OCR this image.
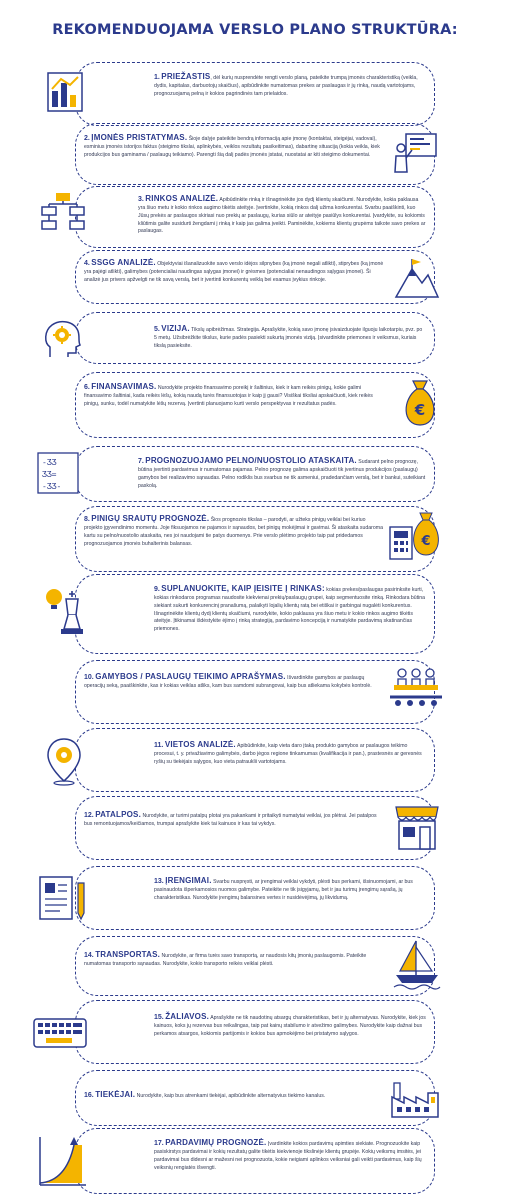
REKOMENDUOJAMA VERSLO PLANO STRUKTŪRA:
1. PRIEŽASTIS, dėl kurių nusprendėte rengti verslo planą, pateikite trumpą įmonės charakteristiką (veikla, dydis, kapitalas, darbuotojų skaičius), apibūdinkite numatomas prekes ar paslaugas ir jų rinką, naudą vartotojams, prognozuojamą pelną ir kokios pagrindinės tam prielaidos.
2. ĮMONĖS PRISTATYMAS. Šioje dalyje pateikite bendrą informaciją apie įmonę (kontaktai, steigėjai, vadovai), esminius įmonės istorijos faktus (steigimo tikslai, aplinkybės, veiklos rezultatų pasikeitimas), dabartinę situaciją (kokia veikla, kiek produkcijos bus gaminama / paslaugų teikiamo). Parengti šią dalį padės įmonės įstatai, nuostatai ar kiti steigimo dokumentai.
3. RINKOS ANALIZĖ. Apibūdinkite rinką ir išnagrinėkite jos dydį klientų skaičiumi. Nurodykite, kokia paklausa yra šiuo metu ir kokio rinkos augimo tikėtis ateityje. Įvertinkite, kokią rinkos dalį užima konkurentai. Svarbu paaiškinti, kuo Jūsų prekės ar paslaugos skiriasi nuo prekių ar paslaugų, kurias siūlo ar ateityje pasiūlys konkurentai. Įvardykite, su kokiomis kliūtimis galite susidurti žengdami į rinką ir kaip jas galima įveikti. Paminėkite, kokiems klientų grupėms taikote savo prekes ar paslaugas.
4. SSGG ANALIZĖ. Objektyviai išanalizuokite savo verslo idėjos silpnybes (ką įmonė negali atlikti), stiprybes (ką įmonė yra pajėgi atlikti), galimybes (potencialiai naudingas sąlygas įmonei) ir grėsmes (potencialiai nenaudingos sąlygas įmonei). Ši analizė jus privers apžvelgti ne tik savą verslą, bet ir įvertinti konkurentų veiklą bei esamus įvykius rinkoje.
5. VIZIJA. Tikslų apibrėžimas. Strategija. Aprašykite, kokią savo įmonę įsivaizduojate ilguoju laikotarpiu, pvz. po 5 metų. Užsibrėžkite tikslus, kurie padės pasiekti sukurtą įmonės viziją. Įsivardinkite priemones ir veiksmus, kuriais tikslą pasieksite.
€
6. FINANSAVIMAS. Nurodykite projekto finansavimo poreikį ir šaltinius, kiek ir kam reikės pinigų, kokie galimi finansavimo šaltiniai, kada reikės lėšų, kokią naudą turės finansuotojas ir kaip jį gausi? Visiškai tiksliai apskaičiuoti, kiek reikės pinigų, sunku, todėl numatykite lėšų rezervą. Įvertinti planuojamo kurti verslo perspektyvas ir rezultatus padės.
-ƷƷ
ƷƷ=
-ƷƷ-
7. PROGNOZUOJAMO PELNO/NUOSTOLIO ATASKAITA. Sudarant pelno prognozę, būtina įvertinti pardavimus ir numatomas pajamas. Pelno prognozę galima apskaičiuoti tik įvertinus produkcijos (paslaugų) gamybos bei realizavimo sąnaudas. Pelno rodiklis bus svarbus ne tik asmeniui, pradedančiam verslą, bet ir bankui, suteikiant paskolą.
€
8. PINIGŲ SRAUTŲ PROGNOZĖ. Šios prognozės tikslas – parodyti, ar užteks pinigų veiklai bei kuriuo projekto įgyvendinimo momentu. Joje fiksuojamos ne pajamos ir sąnaudos, bet pinigų mokėjimai ir gavimai. Ši ataskaita sudaroma kartu su pelno/nuostolio ataskaita, nes joi naudojami tie patys duomenys. Prie verslo plėtimo projekto taip pat pridedamos prognozuojamos įmonės buhalterinis balansas.
9. SUPLANUOKITE, KAIP ĮEISITE Į RINKAS: kokias prekes/paslaugas pasirinksite kurti, kokias rinkodaros programas naudosite kiekvienai prekių/paslaugų grupei, kaip segmentuosite rinką. Rinkodara būtina siekiant sukurti konkurencinį pranašumą, palaikyti lojalių klientų ratą bei etiškai ir garbingai nugalėti konkurentus. Išnagrinėkite klientų dydį klientų skaičiumi, nurodykite, kokio paklausa yra šiuo metu ir kokio rinkos augimo tikėtis ateityje. Įtikinamai išdėstykite ėjimo į rinką strategiją, pardavimo koncepciją ir numatykite pardavimą skatinančias priemones.
10. GAMYBOS / PASLAUGŲ TEIKIMO APRAŠYMAS. Išvardinkite gamybos ar paslaugų operacijų seką, paaiškinkite, kas ir kokias veiklas atliks, kam bus samdomi subrangovai, kaip bus atliekama kokybės kontrolė.
11. VIETOS ANALIZĖ. Apibūdinkite, kaip vieta daro įtaką produkto gamybos ar paslaugos teikimo procesui, t. y. privažiavimo galimybės, darbo jėgos regione tinkamumas (kvalifikacija ir pan.), prastesnės ar geresnės ryšių su tiekėjais sąlygos, kuo vieta patrauklii vartotojams.
12. PATALPOS. Nurodykite, ar turimi patalpų plotai yra pakankami ir pritaikyti numatytai veiklai, jos plėtrai. Jei patalpos bus remontuojamos/keičiamos, trumpai aprašykite kiek tai kainuos ir kas tai vykdys.
13. ĮRENGIMAI. Svarbu nuspręsti, ar įrengimai veiklai vykdyti, plėsti bus perkami, išsinuomojami, ar bus pasinaudota išperkamosios nuomos galimybe. Pateikite ne tik įsigyjamų, bet ir jau turimų įrengimų sąrašą, jų charakteristikas. Nurodykite įrengimų balansines vertes ir nusidėvėjimą, jų likvidumą.
14. TRANSPORTAS. Nurodykite, ar firma turės savo transportą, ar naudosis kitų įmonių paslaugomis. Pateikite numatomas transporto sąnaudas. Nurodykite, kokio transporto reikės veiklai plėsti.
15. ŽALIAVOS. Aprašykite ne tik naudotinų atsargų charakteristikas, bet ir jų alternatyvas. Nurodykite, kiek jos kainuos, koks jų rezervas bus reikalingas, taip pat kainų stabilumo ir atvežimo galimybes. Nurodykite kaip dažnai bus perkamos atsargos, kokiomis partijomis ir kokios bus apmokėjimo bei pristatymo sąlygos.
16. TIEKĖJAI. Nurodykite, kaip bus atrenkami tiekėjai, apibūdinkite alternatyvius tiekimo kanalus.
17. PARDAVIMŲ PROGNOZĖ. Įvardinkite kokios pardavimų apimties siekiate. Prognozuokite kaip pasiskirstys pardavimai ir kokių rezultatų galite tikėtis kiekvienoje tikslinėje klientų grupėje. Kokių veiksmų imsitės, jei pardavimai bus didesni ar mažesni nei prognozuota, kokie neigiami aplinkos veiksniai gali veikti pardavimus, kaip šių veiksnių rengiatės išvengti.
